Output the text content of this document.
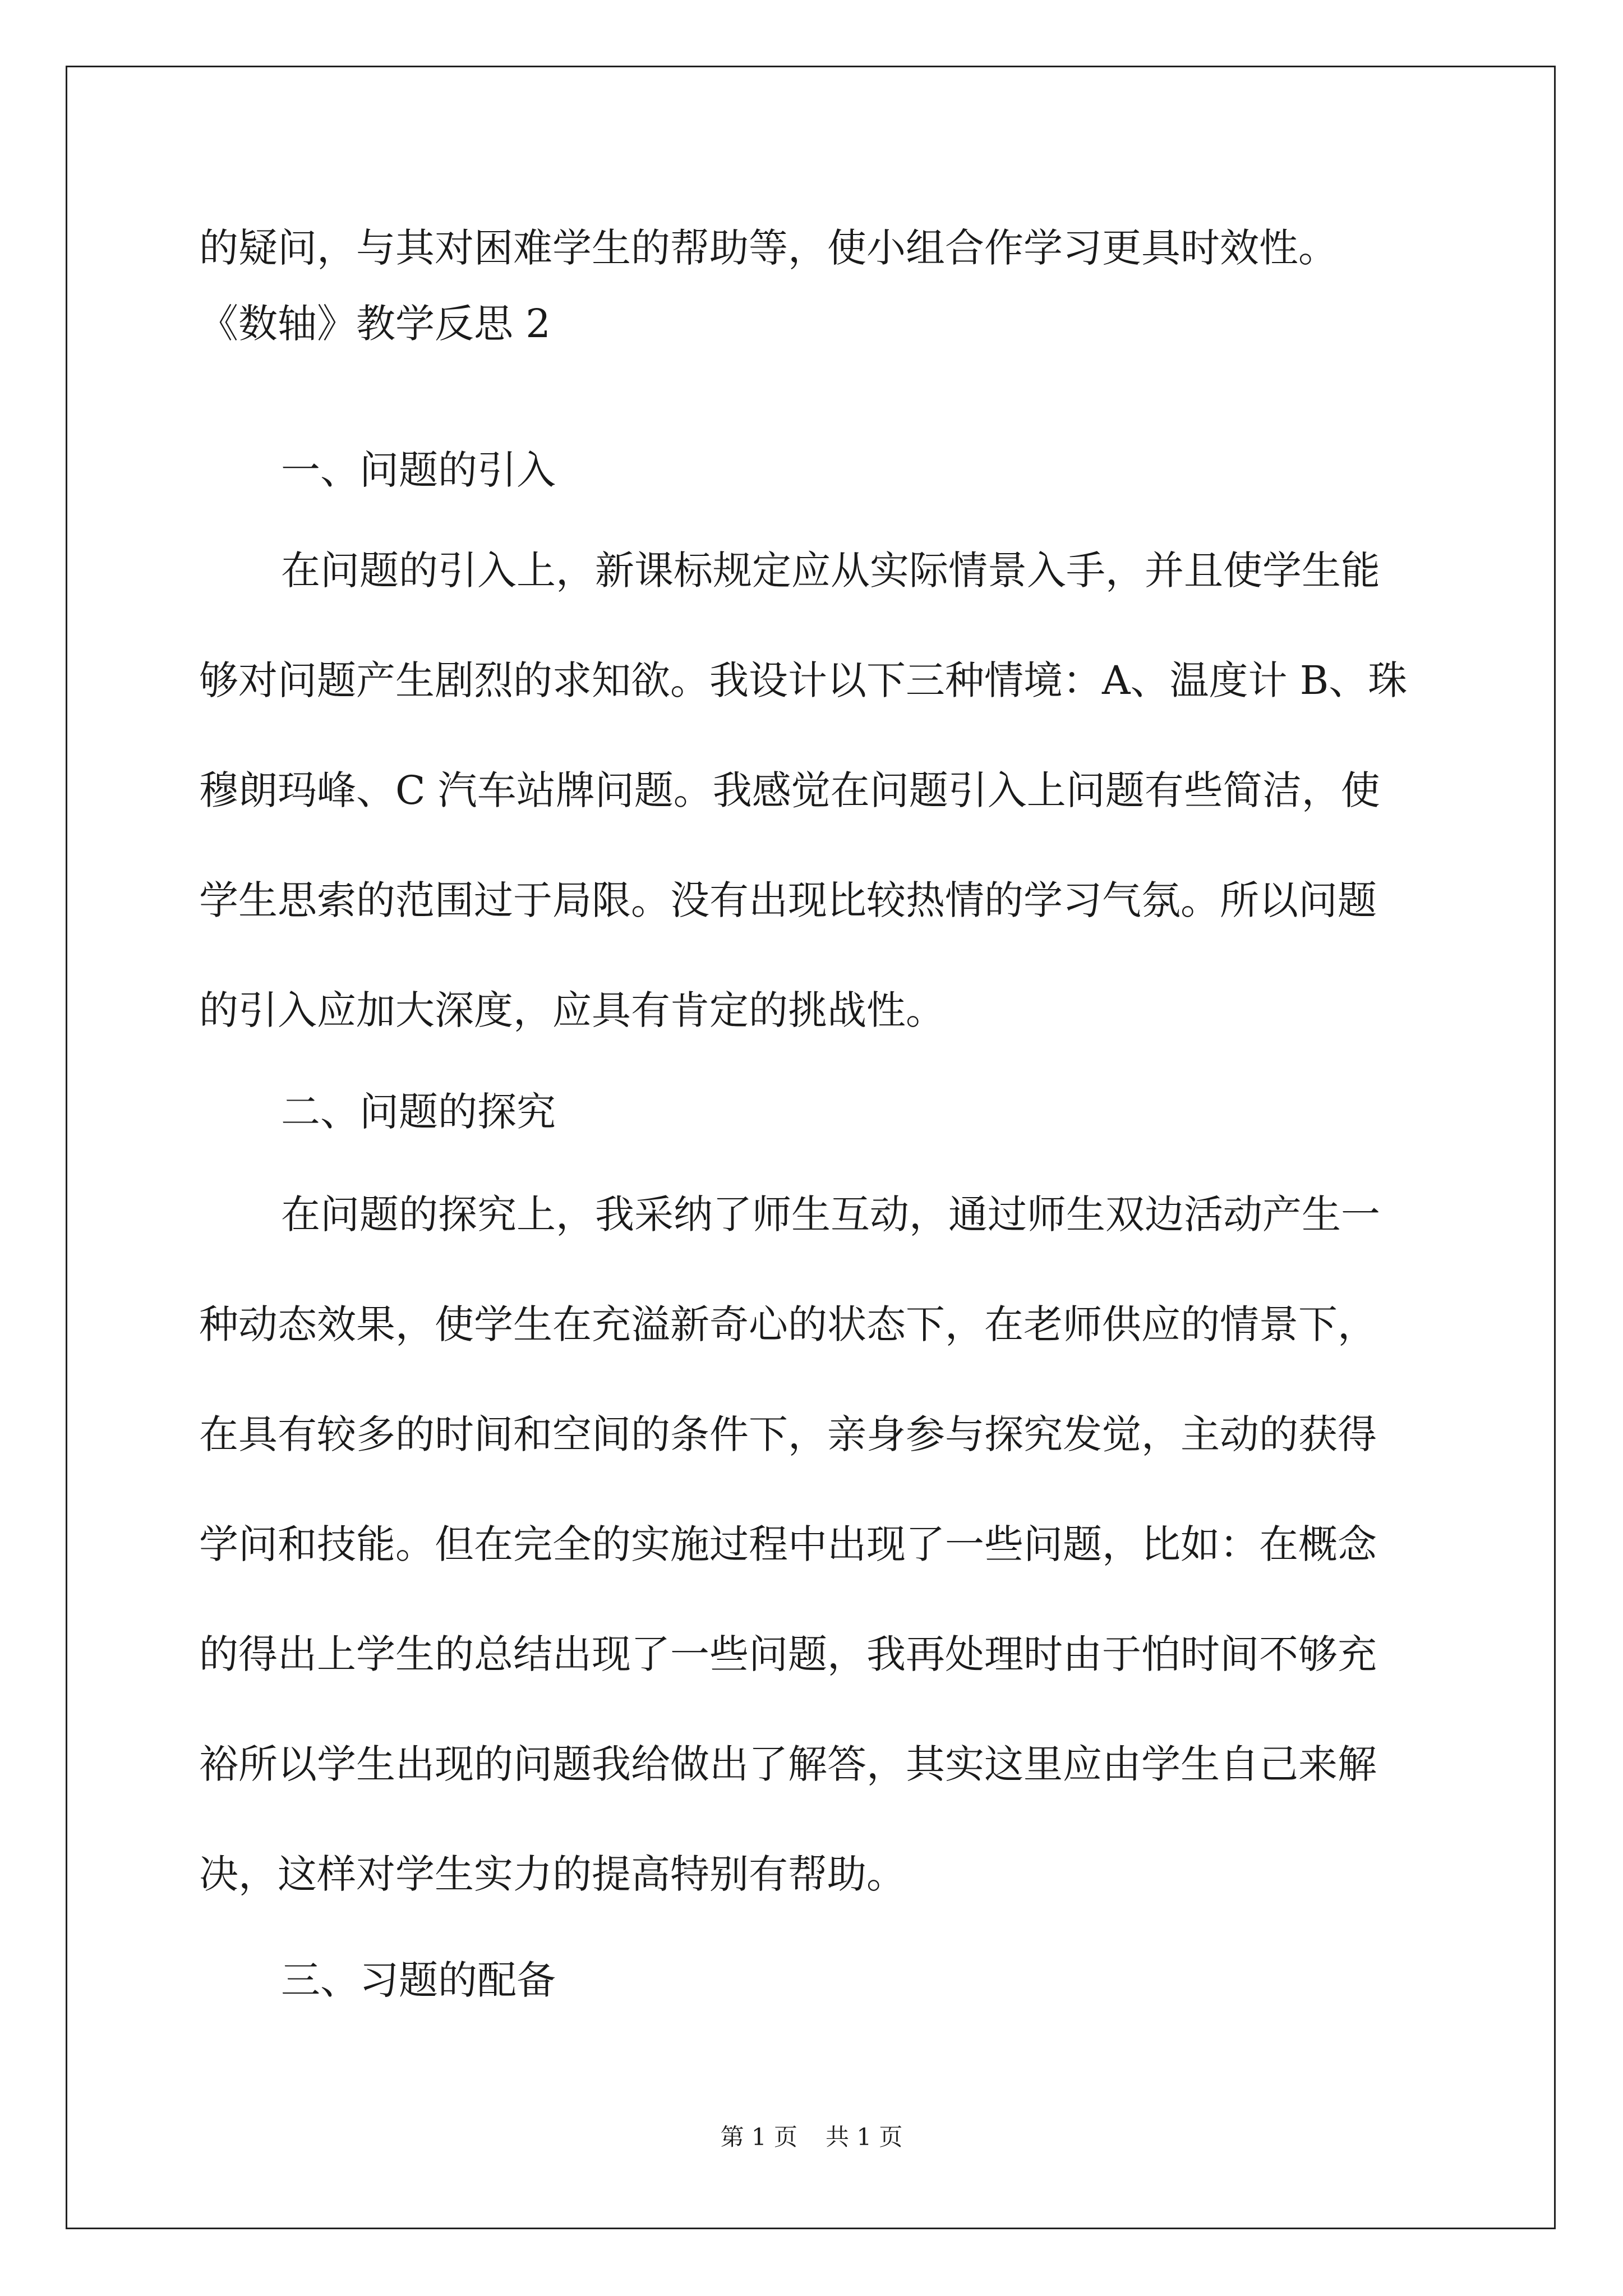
的疑问，与其对困难学生的帮助等，使小组合作学习更具时效性。
《数轴》教学反思 2
一、问题的引入
在问题的引入上，新课标规定应从实际情景入手，并且使学生能
够对问题产生剧烈的求知欲。我设计以下三种情境：A、温度计 B、珠
穆朗玛峰、C 汽车站牌问题。我感觉在问题引入上问题有些简洁，使
学生思索的范围过于局限。没有出现比较热情的学习气氛。所以问题
的引入应加大深度，应具有肯定的挑战性。
二、问题的探究
在问题的探究上，我采纳了师生互动，通过师生双边活动产生一
种动态效果，使学生在充溢新奇心的状态下，在老师供应的情景下，
在具有较多的时间和空间的条件下，亲身参与探究发觉，主动的获得
学问和技能。但在完全的实施过程中出现了一些问题，比如：在概念
的得出上学生的总结出现了一些问题，我再处理时由于怕时间不够充
裕所以学生出现的问题我给做出了解答，其实这里应由学生自己来解
决，这样对学生实力的提高特别有帮助。
三、习题的配备
第 1 页 共 1 页
